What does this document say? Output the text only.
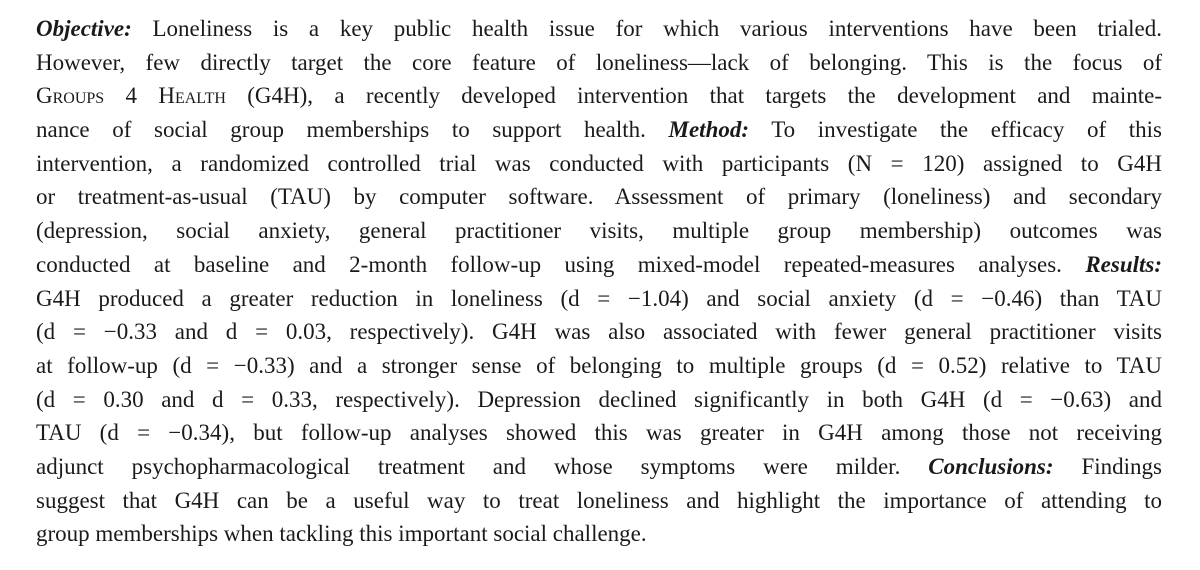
Objective: Loneliness is a key public health issue for which various interventions have been trialed.
However, few directly target the core feature of loneliness—lack of belonging. This is the focus of
Groups 4 Health (G4H), a recently developed intervention that targets the development and mainte-
nance of social group memberships to support health. Method: To investigate the efficacy of this
intervention, a randomized controlled trial was conducted with participants (N = 120) assigned to G4H
or treatment-as-usual (TAU) by computer software. Assessment of primary (loneliness) and secondary
(depression, social anxiety, general practitioner visits, multiple group membership) outcomes was
conducted at baseline and 2-month follow-up using mixed-model repeated-measures analyses. Results:
G4H produced a greater reduction in loneliness (d = −1.04) and social anxiety (d = −0.46) than TAU
(d = −0.33 and d = 0.03, respectively). G4H was also associated with fewer general practitioner visits
at follow-up (d = −0.33) and a stronger sense of belonging to multiple groups (d = 0.52) relative to TAU
(d = 0.30 and d = 0.33, respectively). Depression declined significantly in both G4H (d = −0.63) and
TAU (d = −0.34), but follow-up analyses showed this was greater in G4H among those not receiving
adjunct psychopharmacological treatment and whose symptoms were milder. Conclusions: Findings
suggest that G4H can be a useful way to treat loneliness and highlight the importance of attending to
group memberships when tackling this important social challenge.
